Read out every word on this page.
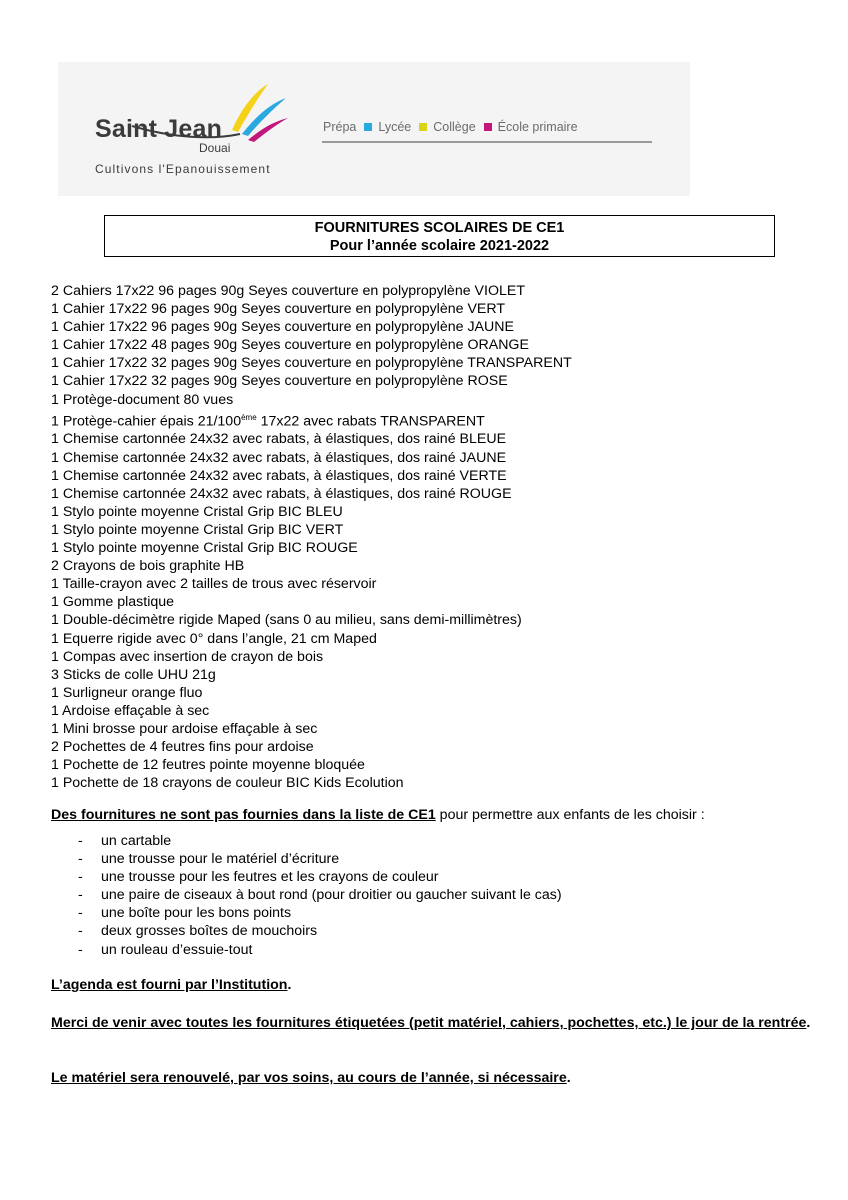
Saint Jean
Douai
Cultivons l'Epanouissement
Prépa Lycée Collège École primaire
FOURNITURES SCOLAIRES DE CE1
Pour l’année scolaire 2021-2022
2 Cahiers 17x22 96 pages 90g Seyes couverture en polypropylène VIOLET
1 Cahier 17x22 96 pages 90g Seyes couverture en polypropylène VERT
1 Cahier 17x22 96 pages 90g Seyes couverture en polypropylène JAUNE
1 Cahier 17x22 48 pages 90g Seyes couverture en polypropylène ORANGE
1 Cahier 17x22 32 pages 90g Seyes couverture en polypropylène TRANSPARENT
1 Cahier 17x22 32 pages 90g Seyes couverture en polypropylène ROSE
1 Protège-document 80 vues
1 Protège-cahier épais 21/100ème 17x22 avec rabats TRANSPARENT
1 Chemise cartonnée 24x32 avec rabats, à élastiques, dos rainé BLEUE
1 Chemise cartonnée 24x32 avec rabats, à élastiques, dos rainé JAUNE
1 Chemise cartonnée 24x32 avec rabats, à élastiques, dos rainé VERTE
1 Chemise cartonnée 24x32 avec rabats, à élastiques, dos rainé ROUGE
1 Stylo pointe moyenne Cristal Grip BIC BLEU
1 Stylo pointe moyenne Cristal Grip BIC VERT
1 Stylo pointe moyenne Cristal Grip BIC ROUGE
2 Crayons de bois graphite HB
1 Taille-crayon avec 2 tailles de trous avec réservoir
1 Gomme plastique
1 Double-décimètre rigide Maped (sans 0 au milieu, sans demi-millimètres)
1 Equerre rigide avec 0° dans l’angle, 21 cm Maped
1 Compas avec insertion de crayon de bois
3 Sticks de colle UHU 21g
1 Surligneur orange fluo
1 Ardoise effaçable à sec
1 Mini brosse pour ardoise effaçable à sec
2 Pochettes de 4 feutres fins pour ardoise
1 Pochette de 12 feutres pointe moyenne bloquée
1 Pochette de 18 crayons de couleur BIC Kids Ecolution

Des fournitures ne sont pas fournies dans la liste de CE1 pour permettre aux enfants de les choisir :

- un cartable
- une trousse pour le matériel d’écriture
- une trousse pour les feutres et les crayons de couleur
- une paire de ciseaux à bout rond (pour droitier ou gaucher suivant le cas)
- une boîte pour les bons points
- deux grosses boîtes de mouchoirs
- un rouleau d’essuie-tout

L’agenda est fourni par l’Institution.

Merci de venir avec toutes les fournitures étiquetées (petit matériel, cahiers, pochettes, etc.) le jour de la rentrée.

Le matériel sera renouvelé, par vos soins, au cours de l’année, si nécessaire.
